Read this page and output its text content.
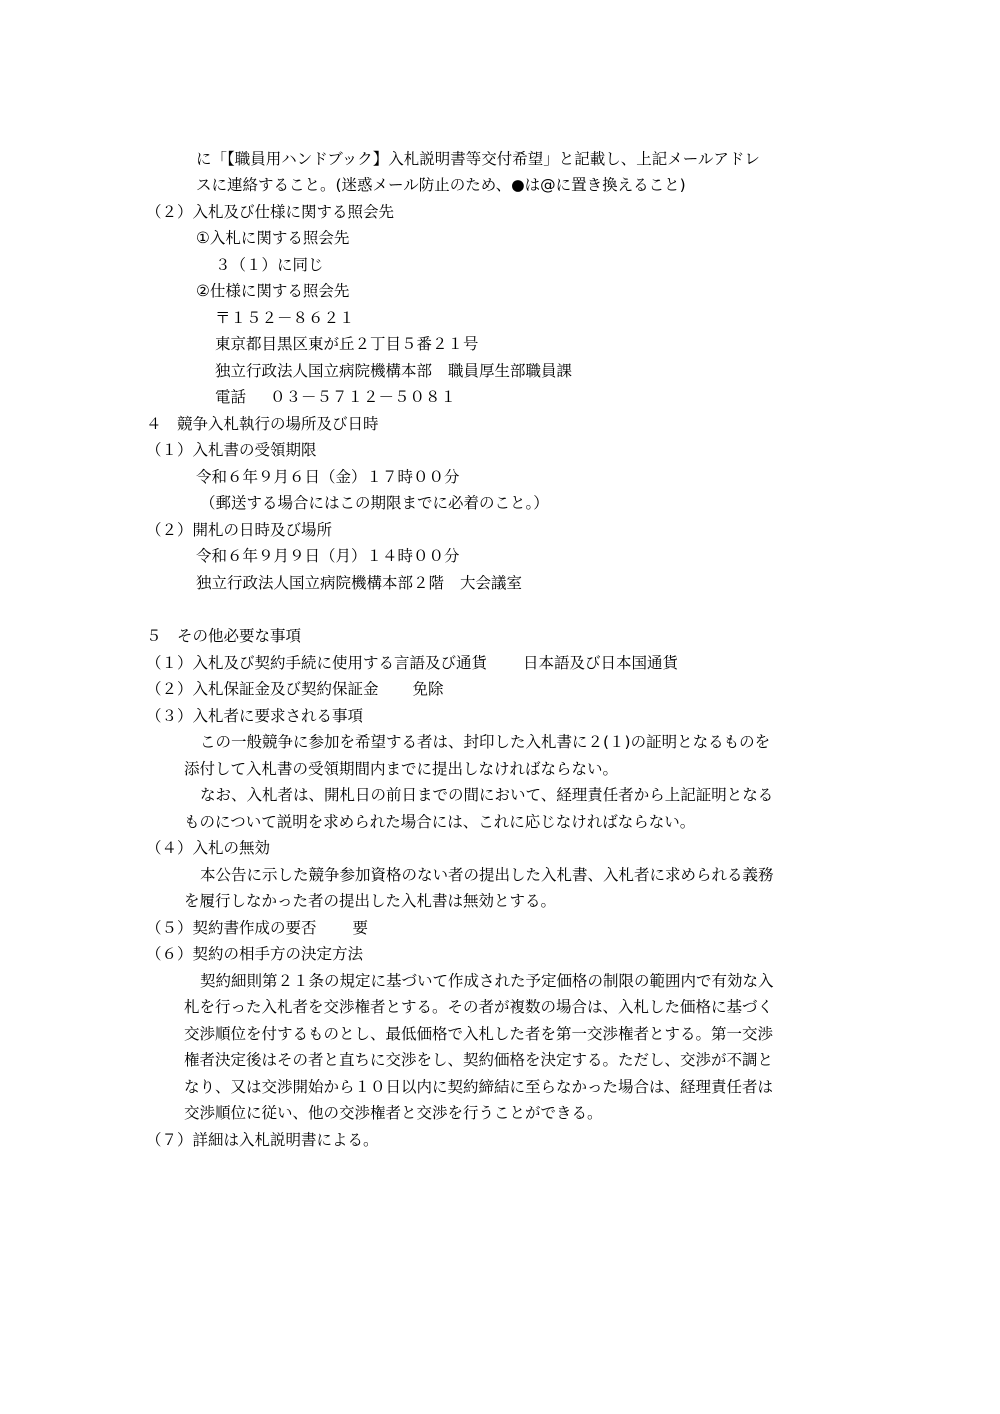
に「【職員用ハンドブック】入札説明書等交付希望」と記載し、上記メールアドレ
スに連絡すること。(迷惑メール防止のため、●は@に置き換えること)
（２）入札及び仕様に関する照会先
①入札に関する照会先
３（１）に同じ
②仕様に関する照会先
〒１５２－８６２１
東京都目黒区東が丘２丁目５番２１号
独立行政法人国立病院機構本部 職員厚生部職員課
電話 ０３－５７１２－５０８１
４　競争入札執行の場所及び日時
（１）入札書の受領期限
令和６年９月６日（金）１７時００分
（郵送する場合にはこの期限までに必着のこと。）
（２）開札の日時及び場所
令和６年９月９日（月）１４時００分
独立行政法人国立病院機構本部２階 大会議室
５　その他必要な事項
（１）入札及び契約手続に使用する言語及び通貨 日本語及び日本国通貨
（２）入札保証金及び契約保証金 免除
（３）入札者に要求される事項
この一般競争に参加を希望する者は、封印した入札書に２(１)の証明となるものを
添付して入札書の受領期間内までに提出しなければならない。
なお、入札者は、開札日の前日までの間において、経理責任者から上記証明となる
ものについて説明を求められた場合には、これに応じなければならない。
（４）入札の無効
本公告に示した競争参加資格のない者の提出した入札書、入札者に求められる義務
を履行しなかった者の提出した入札書は無効とする。
（５）契約書作成の要否 要
（６）契約の相手方の決定方法
契約細則第２１条の規定に基づいて作成された予定価格の制限の範囲内で有効な入
札を行った入札者を交渉権者とする。その者が複数の場合は、入札した価格に基づく
交渉順位を付するものとし、最低価格で入札した者を第一交渉権者とする。第一交渉
権者決定後はその者と直ちに交渉をし、契約価格を決定する。ただし、交渉が不調と
なり、又は交渉開始から１０日以内に契約締結に至らなかった場合は、経理責任者は
交渉順位に従い、他の交渉権者と交渉を行うことができる。
（７）詳細は入札説明書による。
